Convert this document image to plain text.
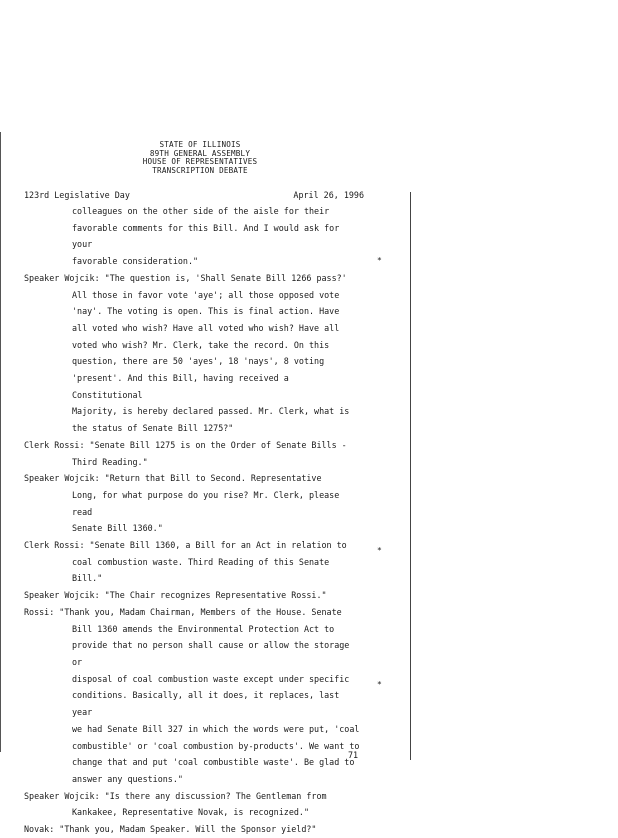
STATE OF ILLINOIS
89TH GENERAL ASSEMBLY
HOUSE OF REPRESENTATIVES
TRANSCRIPTION DEBATE
123rd Legislative Day	April 26, 1996
colleagues on the other side of the aisle for their
favorable comments for this Bill. And I would ask for your
favorable consideration."
Speaker Wojcik: "The question is, 'Shall Senate Bill 1266 pass?'
All those in favor vote 'aye'; all those opposed vote
'nay'. The voting is open. This is final action. Have
all voted who wish? Have all voted who wish? Have all
voted who wish? Mr. Clerk, take the record. On this
question, there are 50 'ayes', 18 'nays', 8 voting
'present'. And this Bill, having received a Constitutional
Majority, is hereby declared passed. Mr. Clerk, what is
the status of Senate Bill 1275?"
Clerk Rossi: "Senate Bill 1275 is on the Order of Senate Bills -
Third Reading."
Speaker Wojcik: "Return that Bill to Second. Representative
Long, for what purpose do you rise? Mr. Clerk, please read
Senate Bill 1360."
Clerk Rossi: "Senate Bill 1360, a Bill for an Act in relation to
coal combustion waste. Third Reading of this Senate Bill."
Speaker Wojcik: "The Chair recognizes Representative Rossi."
Rossi: "Thank you, Madam Chairman, Members of the House. Senate
Bill 1360 amends the Environmental Protection Act to
provide that no person shall cause or allow the storage or
disposal of coal combustion waste except under specific
conditions. Basically, all it does, it replaces, last year
we had Senate Bill 327 in which the words were put, 'coal
combustible' or 'coal combustion by-products'. We want to
change that and put 'coal combustible waste'. Be glad to
answer any questions."
Speaker Wojcik: "Is there any discussion? The Gentleman from
Kankakee, Representative Novak, is recognized."
Novak: "Thank you, Madam Speaker. Will the Sponsor yield?"
*
*
*
71
